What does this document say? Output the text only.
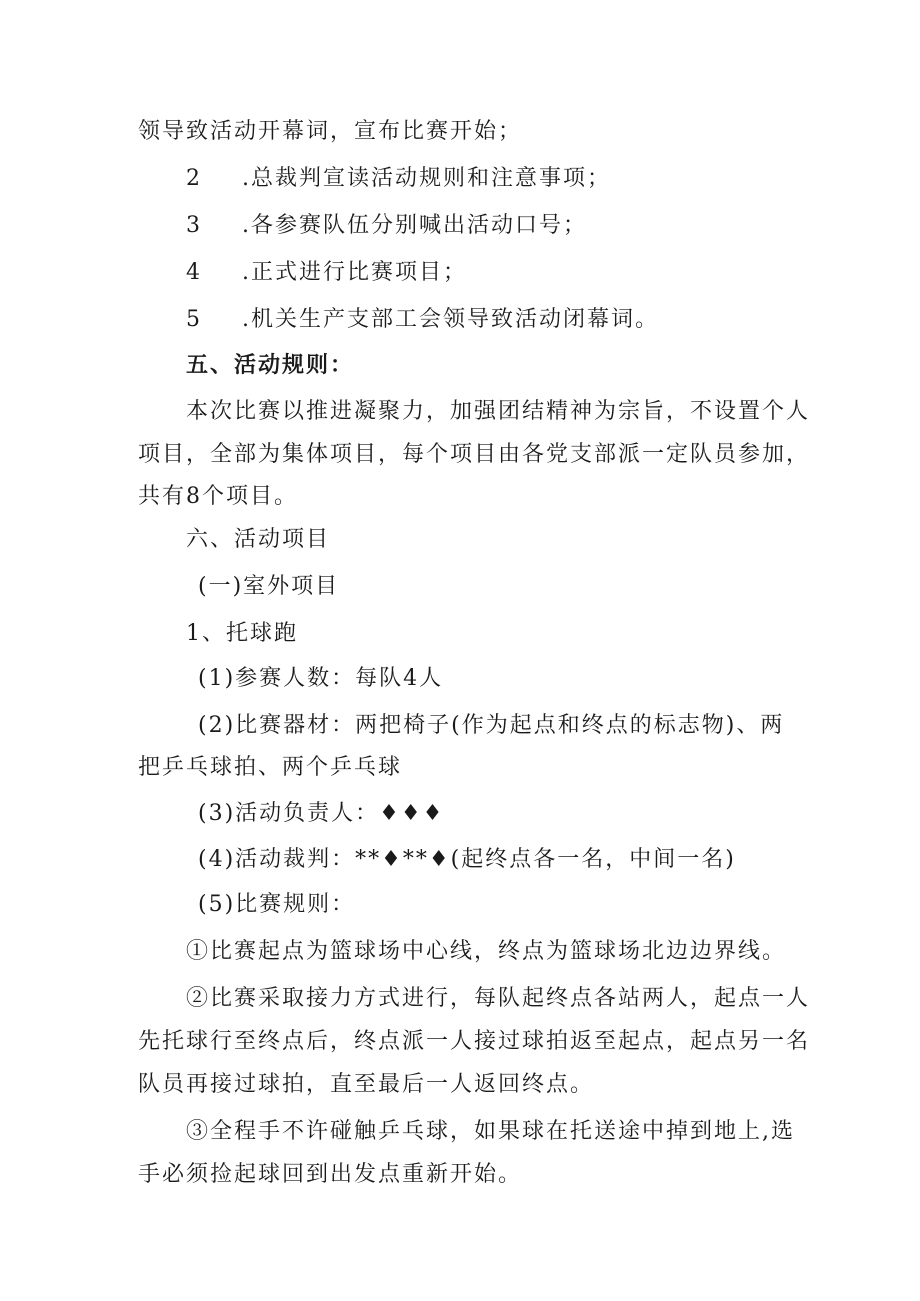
领导致活动开幕词，宣布比赛开始；
2 .总裁判宣读活动规则和注意事项；
3 .各参赛队伍分别喊出活动口号；
4 .正式进行比赛项目；
5 .机关生产支部工会领导致活动闭幕词。
五、活动规则：
本次比赛以推进凝聚力，加强团结精神为宗旨，不设置个人
项目，全部为集体项目，每个项目由各党支部派一定队员参加，
共有8个项目。
六、活动项目
(一)室外项目
1、托球跑
(1)参赛人数：每队4人
(2)比赛器材：两把椅子(作为起点和终点的标志物)、两
把乒乓球拍、两个乒乓球
(3)活动负责人：♦♦♦
(4)活动裁判：**♦**♦(起终点各一名，中间一名)
(5)比赛规则：
①比赛起点为篮球场中心线，终点为篮球场北边边界线。
②比赛采取接力方式进行，每队起终点各站两人，起点一人
先托球行至终点后，终点派一人接过球拍返至起点，起点另一名
队员再接过球拍，直至最后一人返回终点。
③全程手不许碰触乒乓球，如果球在托送途中掉到地上,选
手必须捡起球回到出发点重新开始。
